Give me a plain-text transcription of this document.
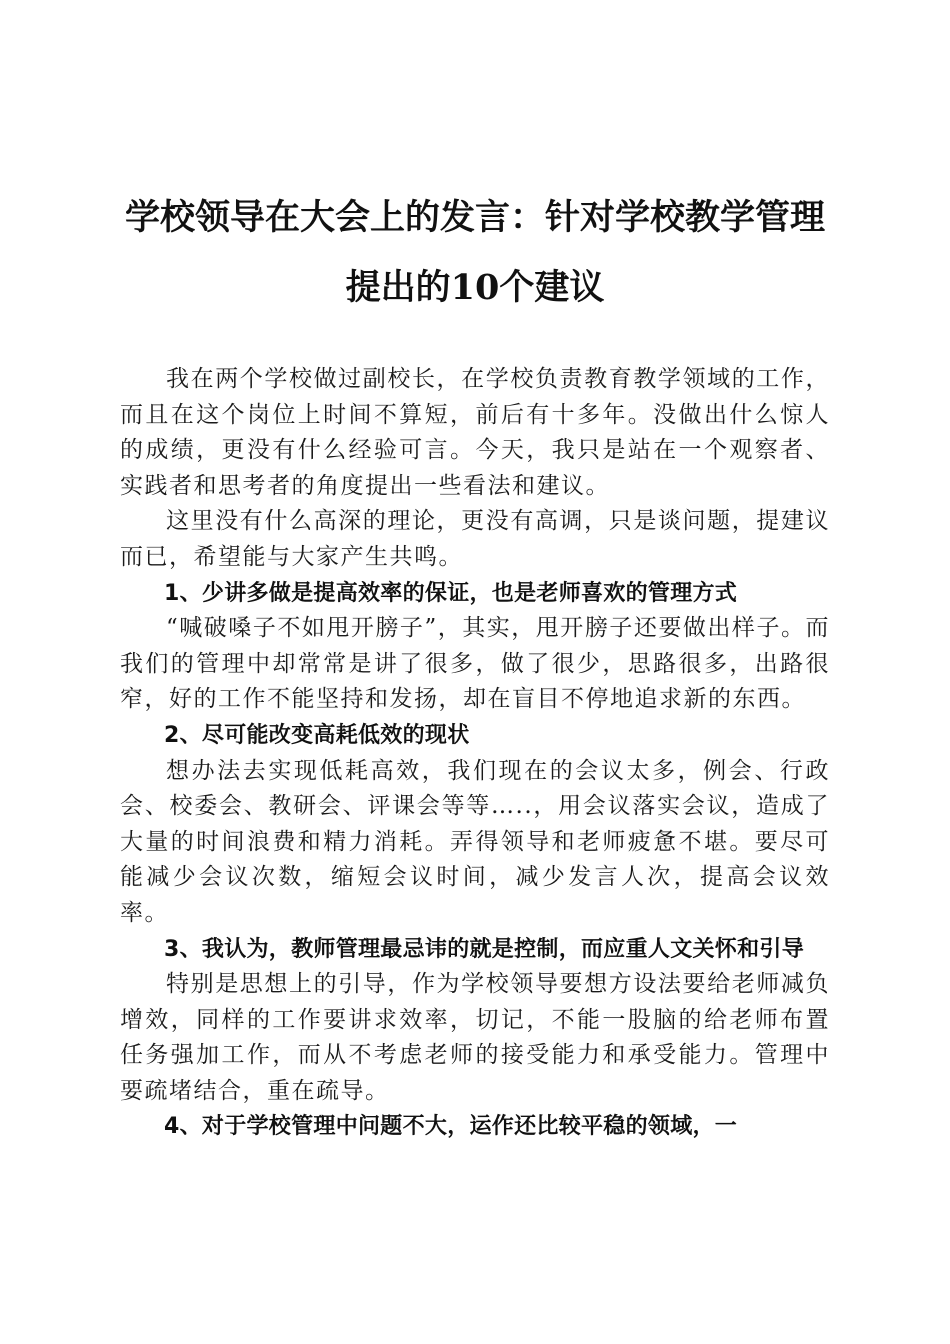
学校领导在大会上的发言：针对学校教学管理
提出的10个建议

我在两个学校做过副校长，在学校负责教育教学领域的工作，而且在这个岗位上时间不算短，前后有十多年。没做出什么惊人的成绩，更没有什么经验可言。今天，我只是站在一个观察者、实践者和思考者的角度提出一些看法和建议。

这里没有什么高深的理论，更没有高调，只是谈问题，提建议而已，希望能与大家产生共鸣。

1、少讲多做是提高效率的保证，也是老师喜欢的管理方式

“喊破嗓子不如甩开膀子”，其实，甩开膀子还要做出样子。而我们的管理中却常常是讲了很多，做了很少，思路很多，出路很窄，好的工作不能坚持和发扬，却在盲目不停地追求新的东西。

2、尽可能改变高耗低效的现状

想办法去实现低耗高效，我们现在的会议太多，例会、行政会、校委会、教研会、评课会等等…..，用会议落实会议，造成了大量的时间浪费和精力消耗。弄得领导和老师疲惫不堪。要尽可能减少会议次数，缩短会议时间，减少发言人次，提高会议效率。

3、我认为，教师管理最忌讳的就是控制，而应重人文关怀和引导

特别是思想上的引导，作为学校领导要想方设法要给老师减负增效，同样的工作要讲求效率，切记，不能一股脑的给老师布置任务强加工作，而从不考虑老师的接受能力和承受能力。管理中要疏堵结合，重在疏导。

4、对于学校管理中问题不大，运作还比较平稳的领域，一
